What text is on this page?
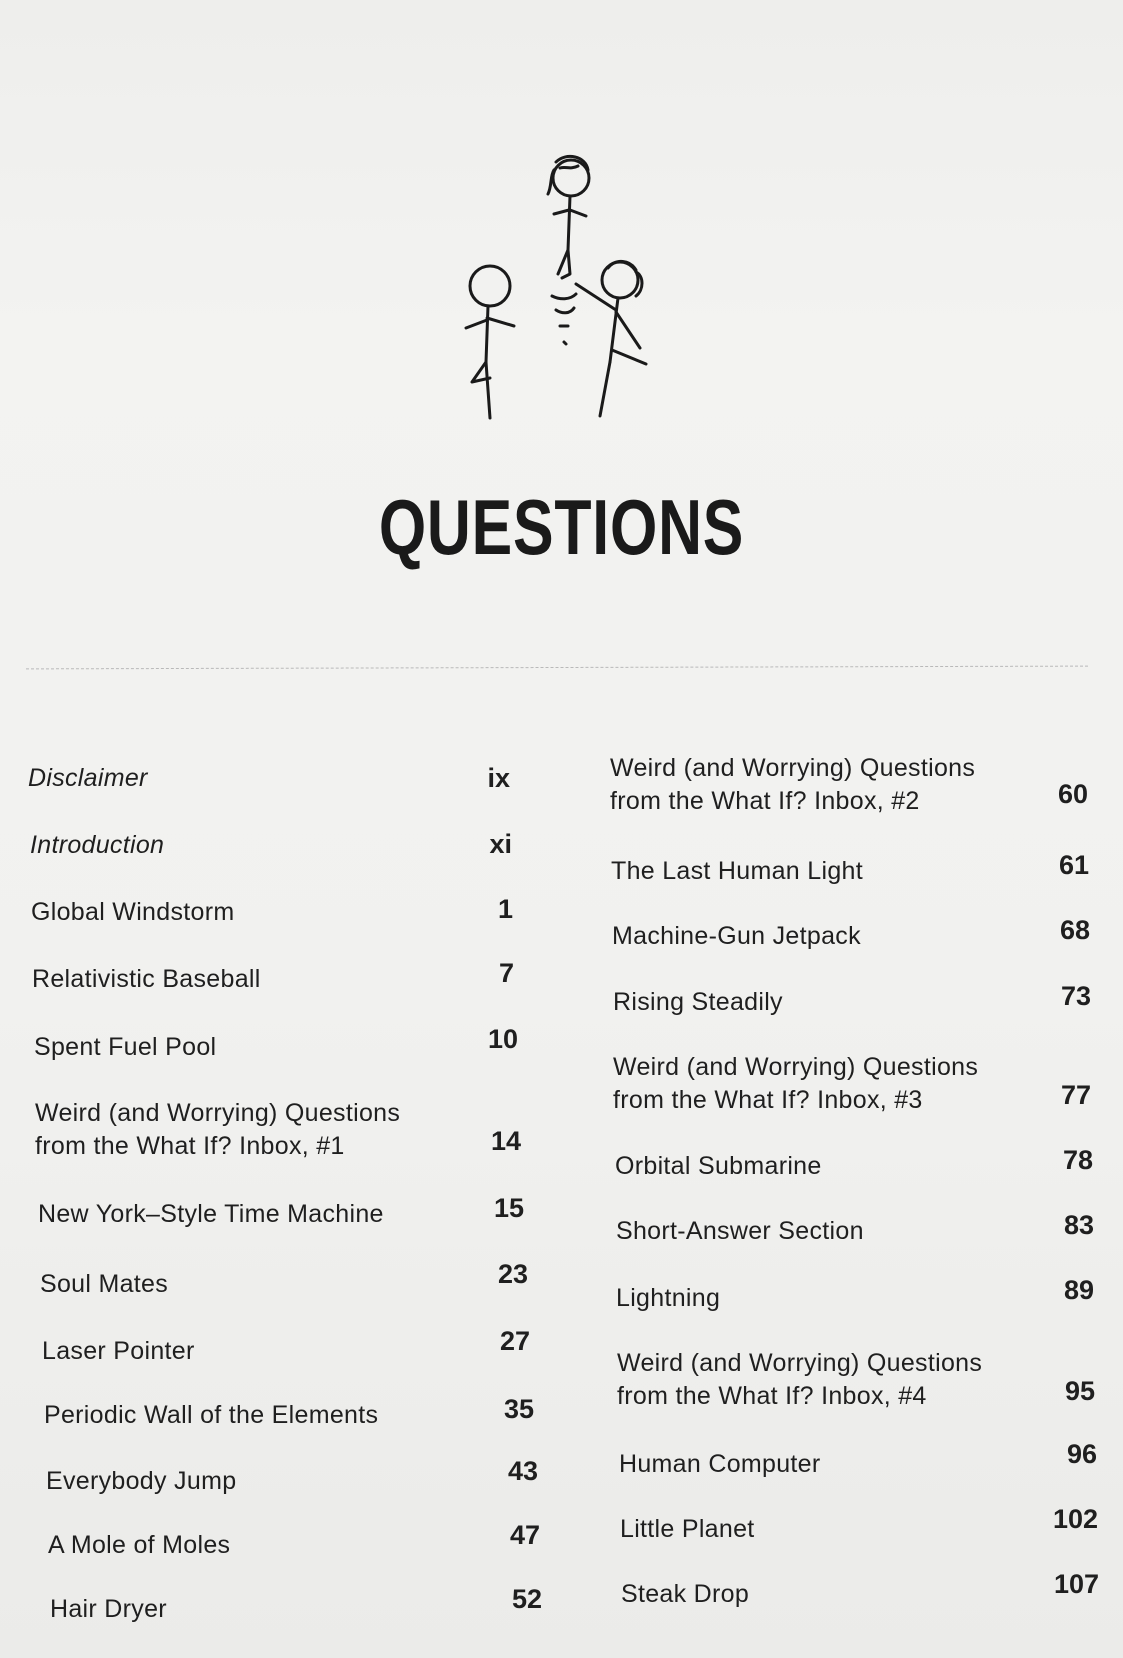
QUESTIONS
Disclaimer	ix
Introduction	xi
Global Windstorm	1
Relativistic Baseball	7
Spent Fuel Pool	10
Weird (and Worrying) Questions
from the What If? Inbox, #1	14
New York–Style Time Machine	15
Soul Mates	23
Laser Pointer	27
Periodic Wall of the Elements	35
Everybody Jump	43
A Mole of Moles	47
Hair Dryer	52
Weird (and Worrying) Questions
from the What If? Inbox, #2	60
The Last Human Light	61
Machine-Gun Jetpack	68
Rising Steadily	73
Weird (and Worrying) Questions
from the What If? Inbox, #3	77
Orbital Submarine	78
Short-Answer Section	83
Lightning	89
Weird (and Worrying) Questions
from the What If? Inbox, #4	95
Human Computer	96
Little Planet	102
Steak Drop	107
